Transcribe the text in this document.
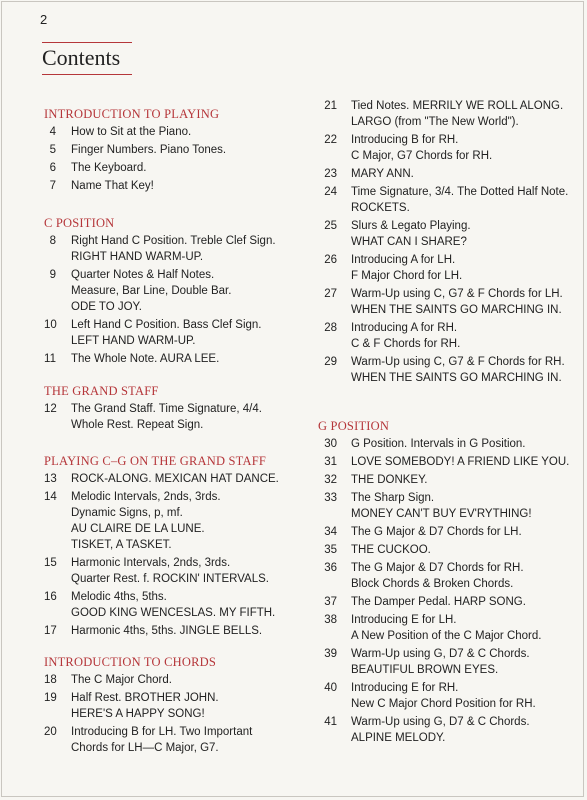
2
Contents
INTRODUCTION TO PLAYING
4 How to Sit at the Piano.
5 Finger Numbers. Piano Tones.
6 The Keyboard.
7 Name That Key!
C POSITION
8 Right Hand C Position. Treble Clef Sign.
RIGHT HAND WARM-UP.
9 Quarter Notes & Half Notes.
Measure, Bar Line, Double Bar.
ODE TO JOY.
10 Left Hand C Position. Bass Clef Sign.
LEFT HAND WARM-UP.
11 The Whole Note. AURA LEE.
THE GRAND STAFF
12 The Grand Staff. Time Signature, 4/4.
Whole Rest. Repeat Sign.
PLAYING C–G ON THE GRAND STAFF
13 ROCK-ALONG. MEXICAN HAT DANCE.
14 Melodic Intervals, 2nds, 3rds.
Dynamic Signs, p, mf.
AU CLAIRE DE LA LUNE.
TISKET, A TASKET.
15 Harmonic Intervals, 2nds, 3rds.
Quarter Rest. f. ROCKIN' INTERVALS.
16 Melodic 4ths, 5ths.
GOOD KING WENCESLAS. MY FIFTH.
17 Harmonic 4ths, 5ths. JINGLE BELLS.
INTRODUCTION TO CHORDS
18 The C Major Chord.
19 Half Rest. BROTHER JOHN.
HERE'S A HAPPY SONG!
20 Introducing B for LH. Two Important
Chords for LH—C Major, G7.
21 Tied Notes. MERRILY WE ROLL ALONG.
LARGO (from "The New World").
22 Introducing B for RH.
C Major, G7 Chords for RH.
23 MARY ANN.
24 Time Signature, 3/4. The Dotted Half Note.
ROCKETS.
25 Slurs & Legato Playing.
WHAT CAN I SHARE?
26 Introducing A for LH.
F Major Chord for LH.
27 Warm-Up using C, G7 & F Chords for LH.
WHEN THE SAINTS GO MARCHING IN.
28 Introducing A for RH.
C & F Chords for RH.
29 Warm-Up using C, G7 & F Chords for RH.
WHEN THE SAINTS GO MARCHING IN.
G POSITION
30 G Position. Intervals in G Position.
31 LOVE SOMEBODY! A FRIEND LIKE YOU.
32 THE DONKEY.
33 The Sharp Sign.
MONEY CAN'T BUY EV'RYTHING!
34 The G Major & D7 Chords for LH.
35 THE CUCKOO.
36 The G Major & D7 Chords for RH.
Block Chords & Broken Chords.
37 The Damper Pedal. HARP SONG.
38 Introducing E for LH.
A New Position of the C Major Chord.
39 Warm-Up using G, D7 & C Chords.
BEAUTIFUL BROWN EYES.
40 Introducing E for RH.
New C Major Chord Position for RH.
41 Warm-Up using G, D7 & C Chords.
ALPINE MELODY.
